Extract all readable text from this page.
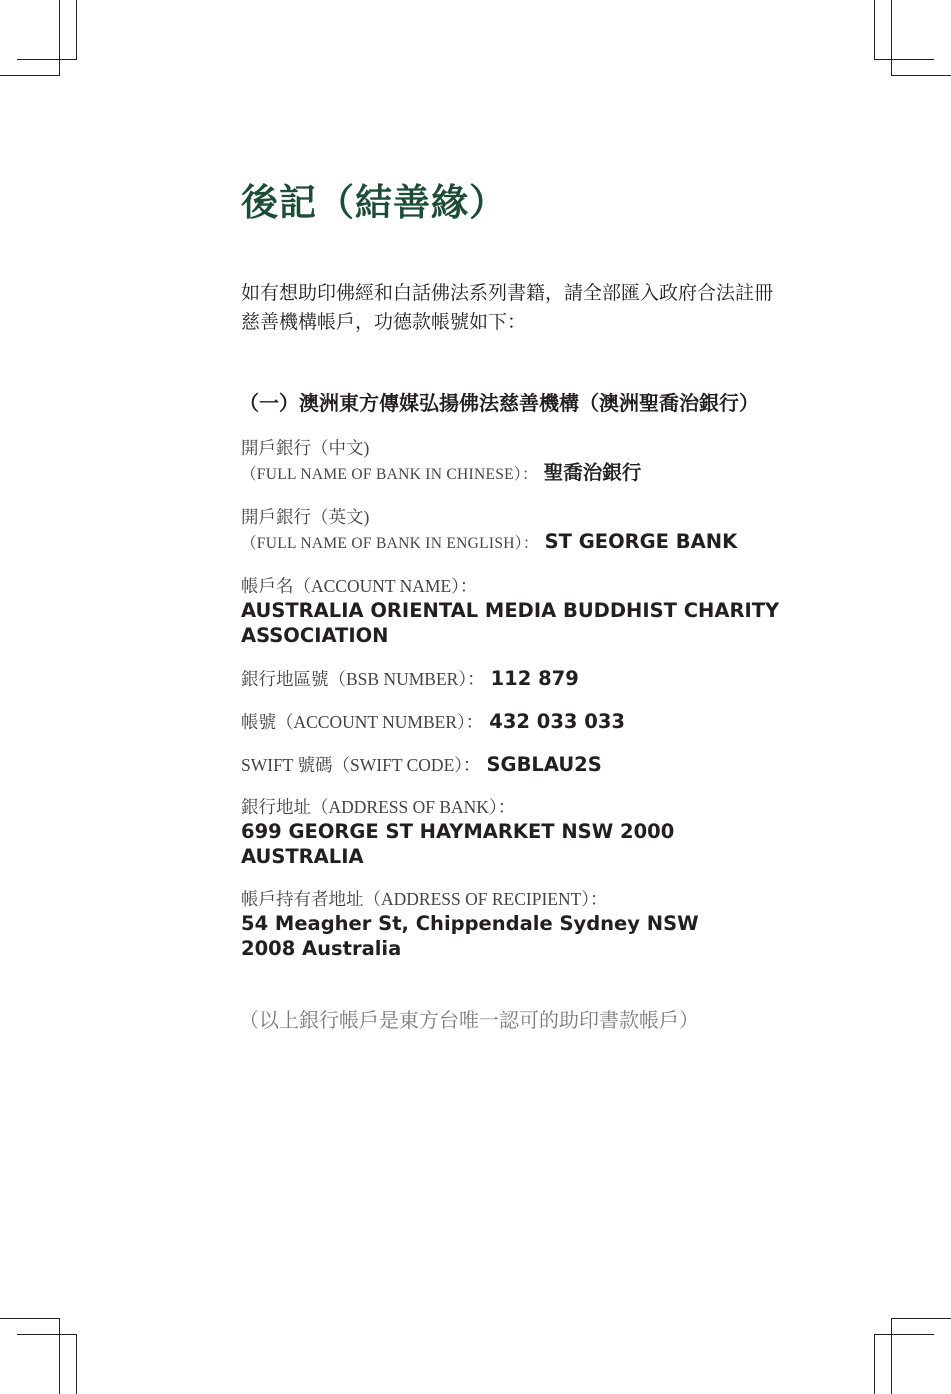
後記（結善緣）
如有想助印佛經和白話佛法系列書籍，請全部匯入政府合法註冊慈善機構帳戶，功德款帳號如下：
（一）澳洲東方傳媒弘揚佛法慈善機構（澳洲聖喬治銀行）
開戶銀行（中文)
（FULL NAME OF BANK IN CHINESE）： 聖喬治銀行
開戶銀行（英文)
（FULL NAME OF BANK IN ENGLISH）： ST GEORGE BANK
帳戶名（ACCOUNT NAME）：
AUSTRALIA ORIENTAL MEDIA BUDDHIST CHARITY
ASSOCIATION
銀行地區號（BSB NUMBER）： 112 879
帳號（ACCOUNT NUMBER）： 432 033 033
SWIFT 號碼（SWIFT CODE）： SGBLAU2S
銀行地址（ADDRESS OF BANK）：
699 GEORGE ST HAYMARKET NSW 2000
AUSTRALIA
帳戶持有者地址（ADDRESS OF RECIPIENT）：
54 Meagher St, Chippendale Sydney NSW
2008 Australia
（以上銀行帳戶是東方台唯一認可的助印書款帳戶）
